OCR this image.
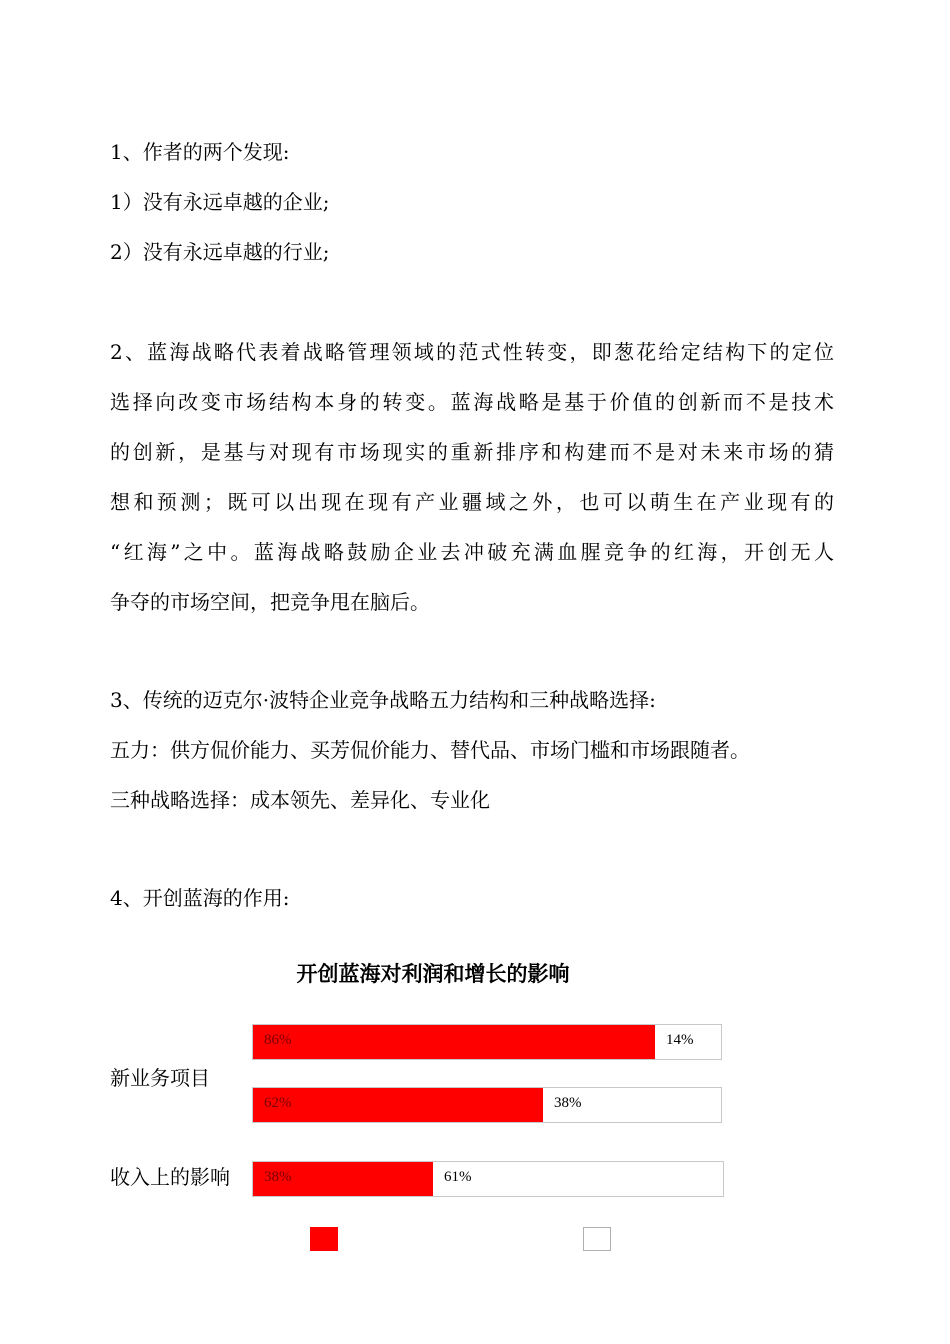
1、作者的两个发现:
1）没有永远卓越的企业;
2）没有永远卓越的行业;
2、蓝海战略代表着战略管理领域的范式性转变，即葱花给定结构下的定位
选择向改变市场结构本身的转变。蓝海战略是基于价值的创新而不是技术
的创新，是基与对现有市场现实的重新排序和构建而不是对未来市场的猜
想和预测；既可以出现在现有产业疆域之外，也可以萌生在产业现有的
“红海”之中。蓝海战略鼓励企业去冲破充满血腥竞争的红海，开创无人
争夺的市场空间，把竞争甩在脑后。
3、传统的迈克尔·波特企业竞争战略五力结构和三种战略选择:
五力：供方侃价能力、买芳侃价能力、替代品、市场门槛和市场跟随者。
三种战略选择：成本领先、差异化、专业化
4、开创蓝海的作用:
开创蓝海对利润和增长的影响
新业务项目
收入上的影响
86%	14%
62%	38%
38%	61%
